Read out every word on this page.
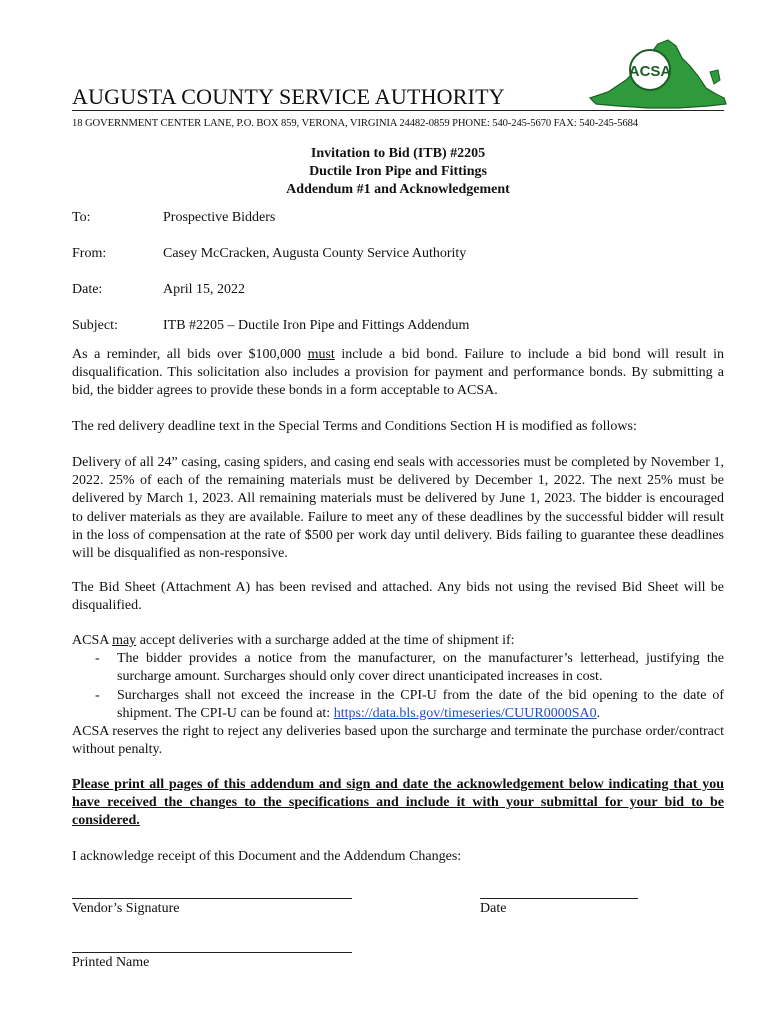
AUGUSTA COUNTY SERVICE AUTHORITY
18 GOVERNMENT CENTER LANE, P.O. BOX 859, VERONA, VIRGINIA 24482-0859 PHONE: 540-245-5670 FAX: 540-245-5684
ACSA
Invitation to Bid (ITB) #2205
Ductile Iron Pipe and Fittings
Addendum #1 and Acknowledgement
To:	Prospective Bidders
From:	Casey McCracken, Augusta County Service Authority
Date:	April 15, 2022
Subject:	ITB #2205 – Ductile Iron Pipe and Fittings Addendum
As a reminder, all bids over $100,000 must include a bid bond. Failure to include a bid bond will result in disqualification. This solicitation also includes a provision for payment and performance bonds. By submitting a bid, the bidder agrees to provide these bonds in a form acceptable to ACSA.
The red delivery deadline text in the Special Terms and Conditions Section H is modified as follows:
Delivery of all 24” casing, casing spiders, and casing end seals with accessories must be completed by November 1, 2022. 25% of each of the remaining materials must be delivered by December 1, 2022. The next 25% must be delivered by March 1, 2023. All remaining materials must be delivered by June 1, 2023. The bidder is encouraged to deliver materials as they are available. Failure to meet any of these deadlines by the successful bidder will result in the loss of compensation at the rate of $500 per work day until delivery. Bids failing to guarantee these deadlines will be disqualified as non-responsive.
The Bid Sheet (Attachment A) has been revised and attached. Any bids not using the revised Bid Sheet will be disqualified.
ACSA may accept deliveries with a surcharge added at the time of shipment if:
- The bidder provides a notice from the manufacturer, on the manufacturer’s letterhead, justifying the surcharge amount. Surcharges should only cover direct unanticipated increases in cost.
- Surcharges shall not exceed the increase in the CPI-U from the date of the bid opening to the date of shipment. The CPI-U can be found at: https://data.bls.gov/timeseries/CUUR0000SA0.
ACSA reserves the right to reject any deliveries based upon the surcharge and terminate the purchase order/contract without penalty.
Please print all pages of this addendum and sign and date the acknowledgement below indicating that you have received the changes to the specifications and include it with your submittal for your bid to be considered.
I acknowledge receipt of this Document and the Addendum Changes:
Vendor’s Signature	Date
Printed Name
